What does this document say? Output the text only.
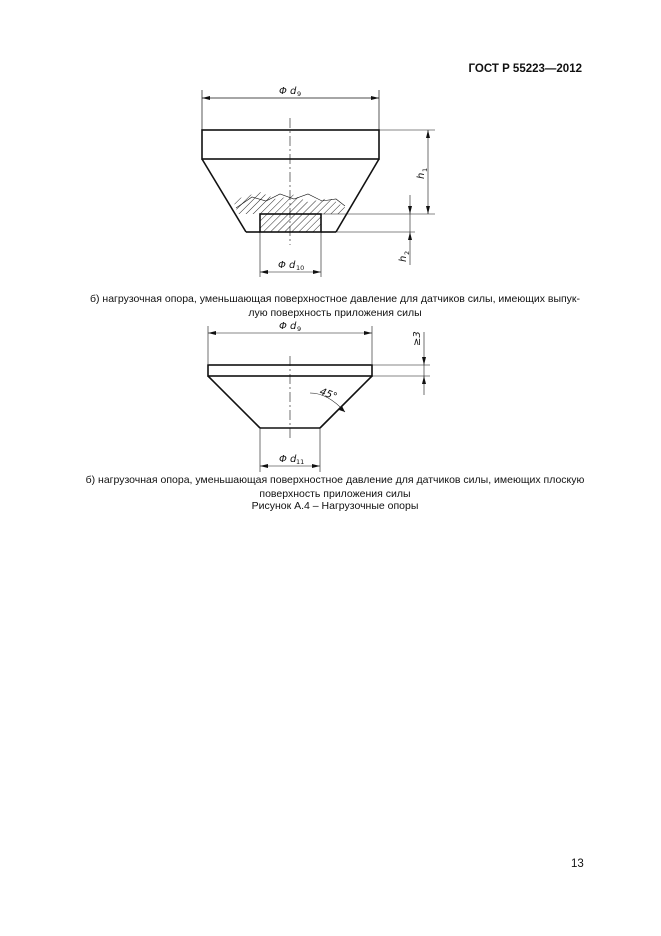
ГОСТ Р 55223—2012
Φ d 9
h
1
h
2
Φ d 10
Φ d 9
45°
≥3
Φ d 11
б) нагрузочная опора, уменьшающая поверхностное давление для датчиков силы, имеющих выпук-
лую поверхность приложения силы
б) нагрузочная опора, уменьшающая поверхностное давление для датчиков силы, имеющих плоскую
поверхность приложения силы
Рисунок А.4 – Нагрузочные опоры
13
